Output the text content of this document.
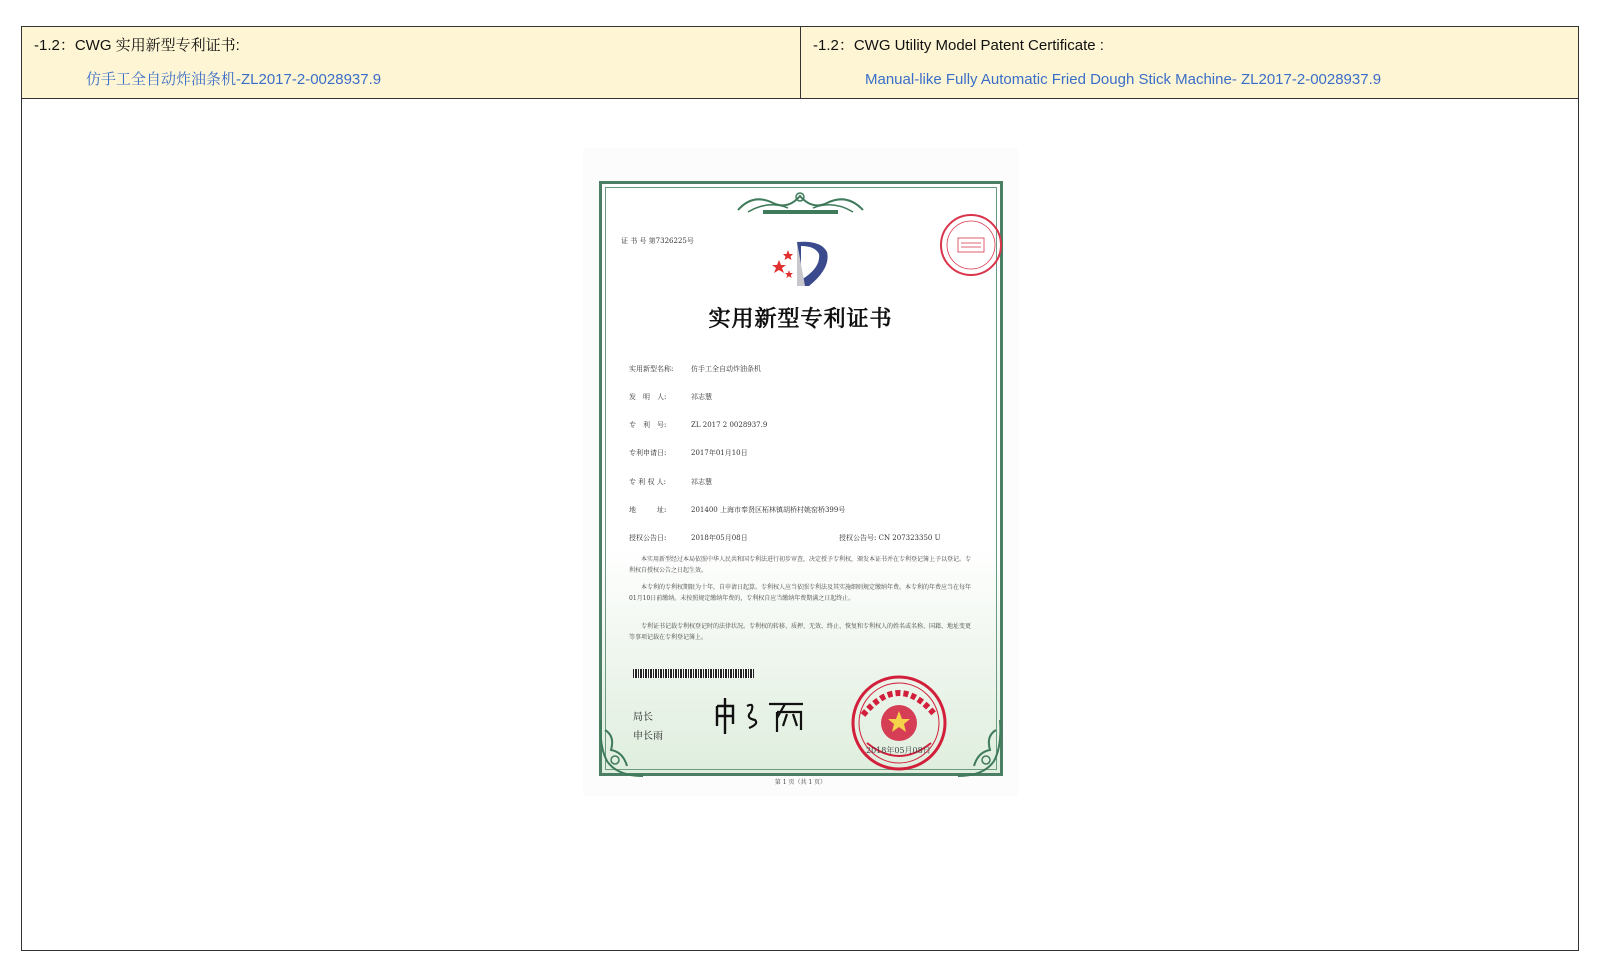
-1.2：CWG 实用新型专利证书:
仿手工全自动炸油条机-ZL2017-2-0028937.9
-1.2：CWG Utility Model Patent Certificate :
Manual-like Fully Automatic Fried Dough Stick Machine- ZL2017-2-0028937.9
证 书 号 第7326225号
实用新型专利证书
实用新型名称:	仿手工全自动炸油条机
发　明　人:	祁志慧
专　利　号:	ZL 2017 2 0028937.9
专利申请日:	2017年01月10日
专 利 权 人:	祁志慧
地　　　址:	201400 上海市奉贤区柘林镇胡桥村姚窑桥399号
授权公告日:	2018年05月08日	授权公告号: CN 207323350 U
本实用新型经过本局依照中华人民共和国专利法进行初步审查，决定授予专利权，颁发本证书并在专利登记簿上予以登记。专利权自授权公告之日起生效。
本专利的专利权期限为十年，自申请日起算。专利权人应当依照专利法及其实施细则规定缴纳年费。本专利的年费应当在每年01月10日前缴纳。未按照规定缴纳年费的，专利权自应当缴纳年费期满之日起终止。
专利证书记载专利权登记时的法律状况。专利权的转移、质押、无效、终止、恢复和专利权人的姓名或名称、国籍、地址变更等事项记载在专利登记簿上。
局长
申长雨
2018年05月08日
第 1 页（共 1 页）
